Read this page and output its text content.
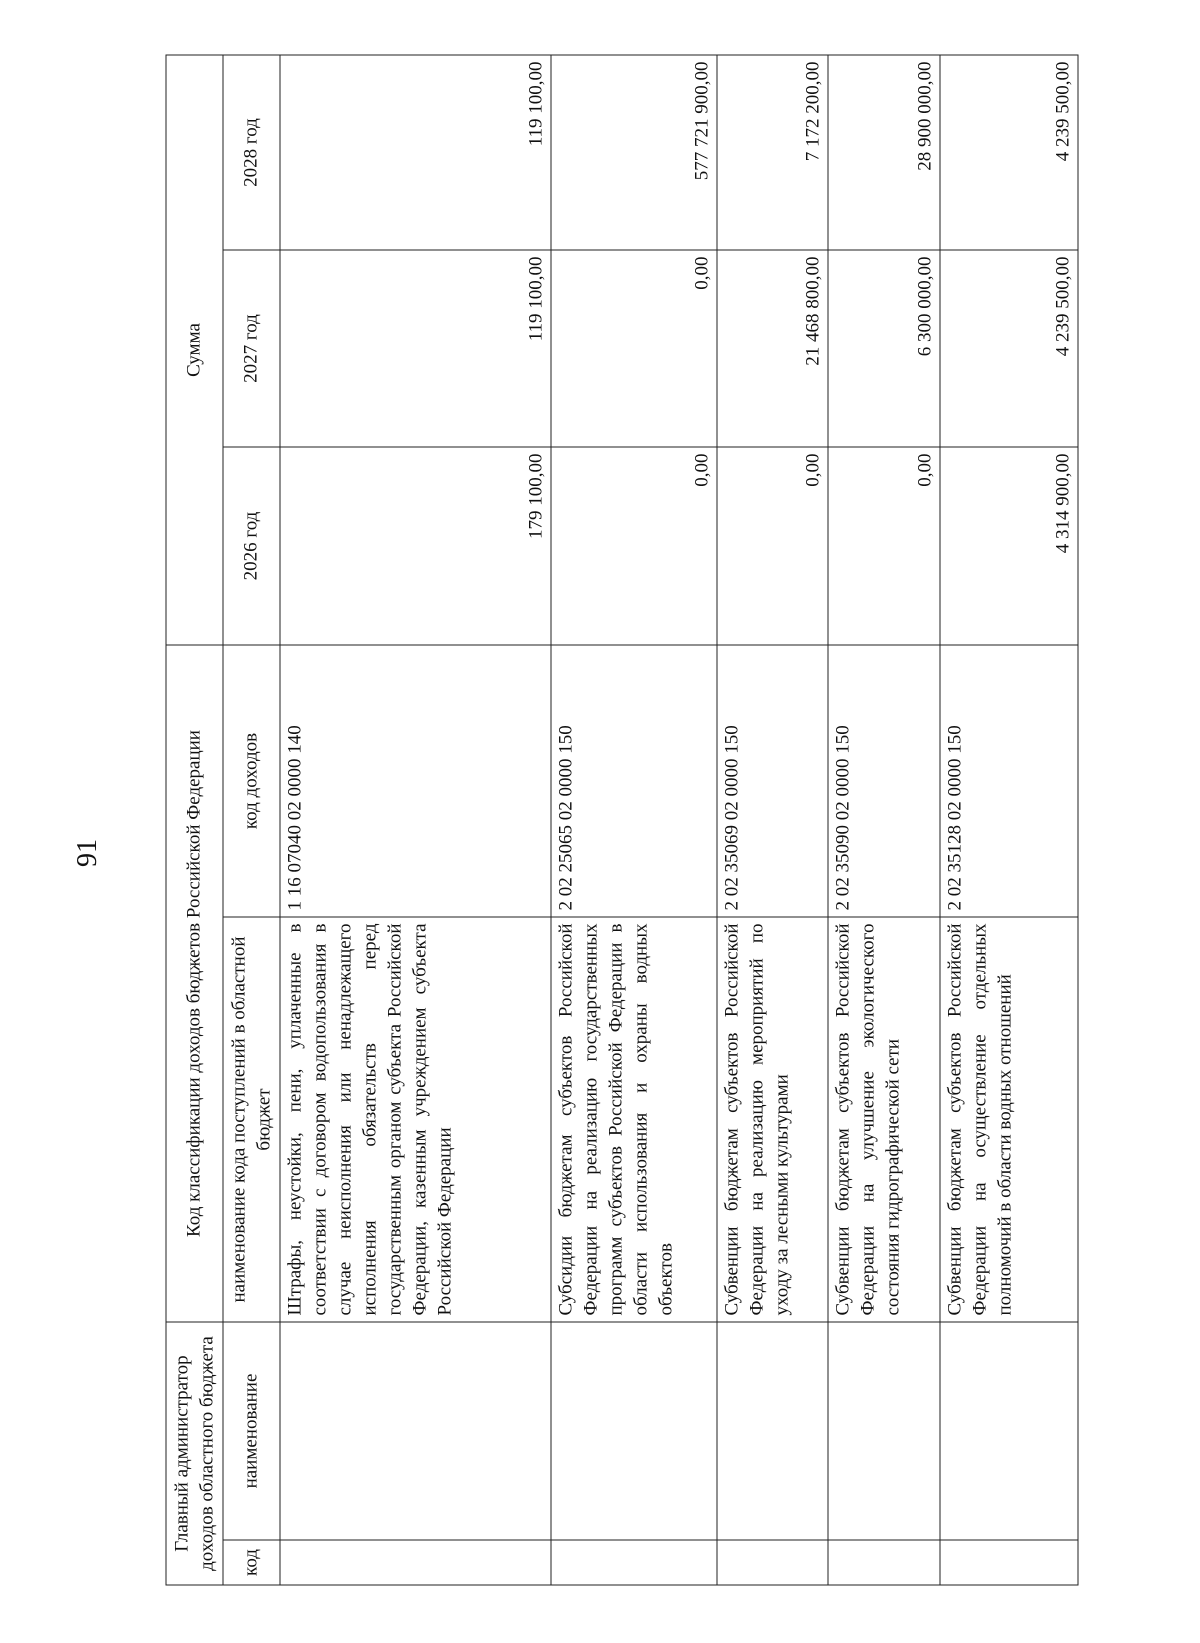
91
Главный администратор доходов областного бюджета		Код классификации доходов бюджетов Российской Федерации		Сумма		
код	наименование	наименование кода поступлений в областной бюджет	код доходов	2026 год	2027 год	2028 год
		Штрафы, неустойки, пени, уплаченные в соответствии с договором водопользования в случае неисполнения или ненадлежащего исполнения обязательств перед государственным органом субъекта Российской Федерации, казенным учреждением субъекта Российской Федерации	1 16 07040 02 0000 140	179 100,00	119 100,00	119 100,00
		Субсидии бюджетам субъектов Российской Федерации на реализацию государственных программ субъектов Российской Федерации в области использования и охраны водных объектов	2 02 25065 02 0000 150	0,00	0,00	577 721 900,00
		Субвенции бюджетам субъектов Российской Федерации на реализацию мероприятий по уходу за лесными культурами	2 02 35069 02 0000 150	0,00	21 468 800,00	7 172 200,00
		Субвенции бюджетам субъектов Российской Федерации на улучшение экологического состояния гидрографической сети	2 02 35090 02 0000 150	0,00	6 300 000,00	28 900 000,00
		Субвенции бюджетам субъектов Российской Федерации на осуществление отдельных полномочий в области водных отношений	2 02 35128 02 0000 150	4 314 900,00	4 239 500,00	4 239 500,00
